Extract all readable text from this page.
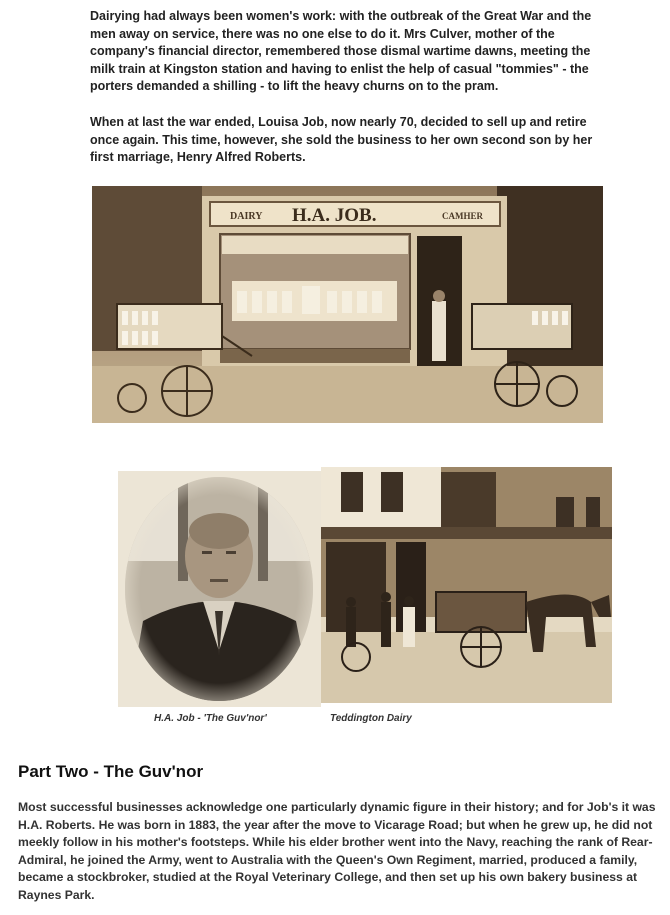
Dairying had always been women's work: with the outbreak of the Great War and the men away on service, there was no one else to do it. Mrs Culver, mother of the company's financial director, remembered those dismal wartime dawns, meeting the milk train at Kingston station and having to enlist the help of casual "tommies" - the porters demanded a shilling - to lift the heavy churns on to the pram.

When at last the war ended, Louisa Job, now nearly 70, decided to sell up and retire once again. This time, however, she sold the business to her own second son by her first marriage, Henry Alfred Roberts.

DAIRY H.A. JOB.	CAMHER

H.A. Job - 'The Guv'nor'	Teddington Dairy

Part Two - The Guv'nor

Most successful businesses acknowledge one particularly dynamic figure in their history; and for Job's it was H.A. Roberts. He was born in 1883, the year after the move to Vicarage Road; but when he grew up, he did not meekly follow in his mother's footsteps. While his elder brother went into the Navy, reaching the rank of Rear-Admiral, he joined the Army, went to Australia with the Queen's Own Regiment, married, produced a family, became a stockbroker, studied at the Royal Veterinary College, and then set up his own bakery business at Raynes Park.
